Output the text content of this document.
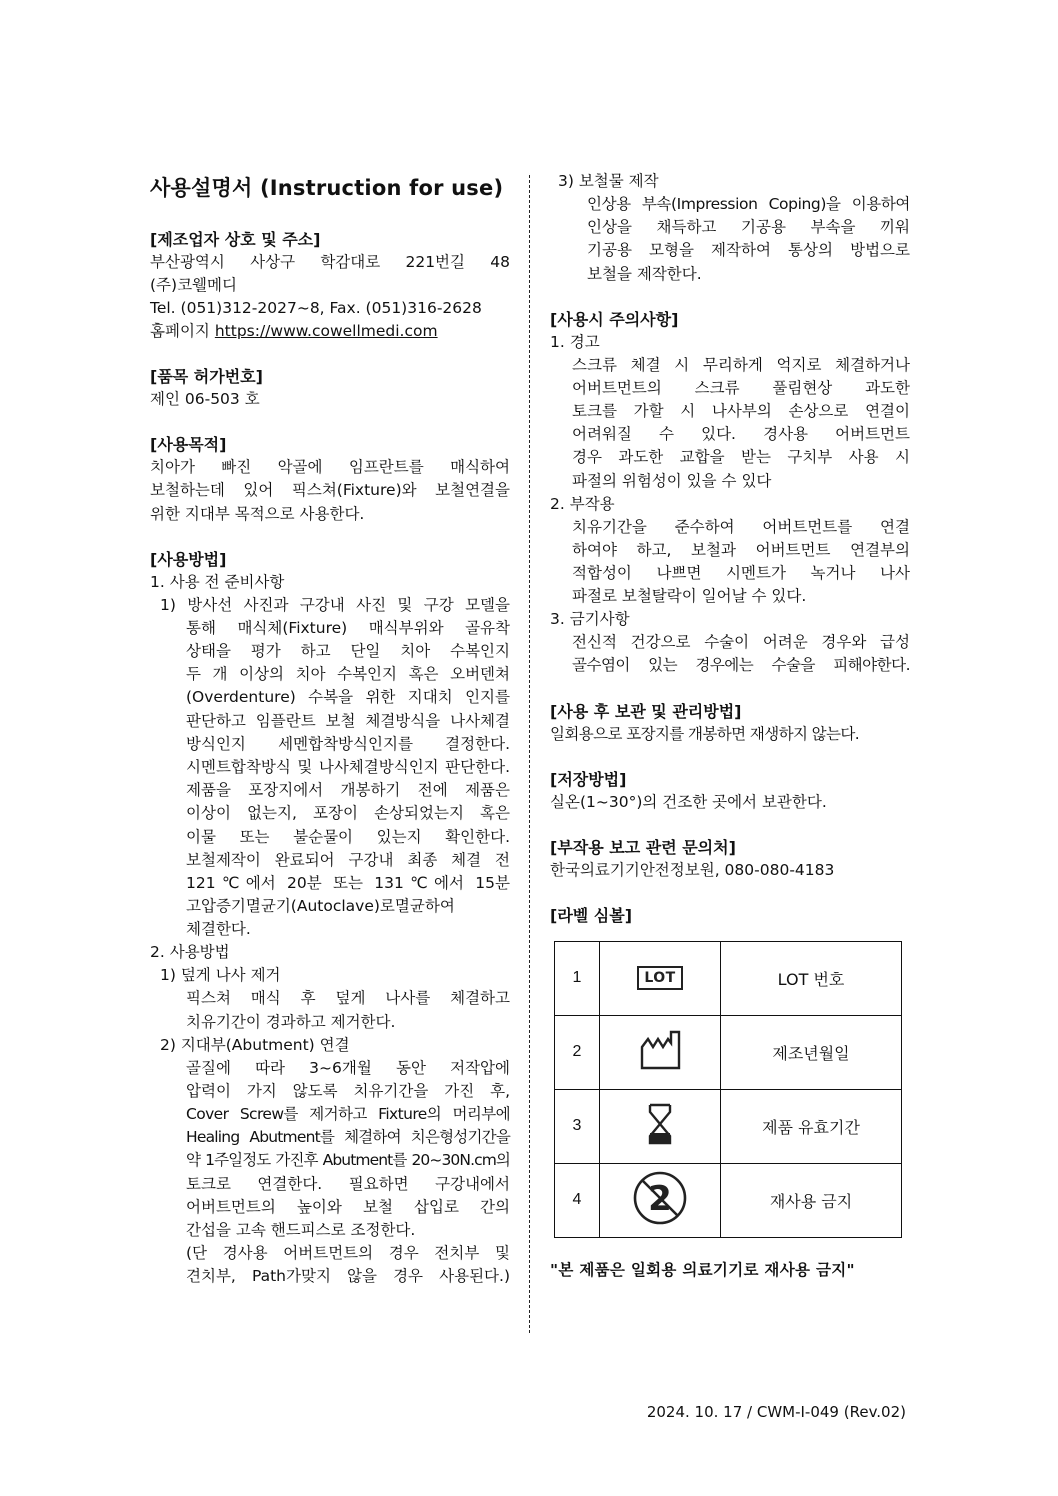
사용설명서 (Instruction for use)
[제조업자 상호 및 주소]
부산광역시 사상구 학감대로 221번길 48
(주)코웰메디
Tel. (051)312-2027~8, Fax. (051)316-2628
홈페이지 https://www.cowellmedi.com
[품목 허가번호]
제인 06-503 호
[사용목적]
치아가 빠진 악골에 임프란트를 매식하여
보철하는데 있어 픽스쳐(Fixture)와 보철연결을
위한 지대부 목적으로 사용한다.
[사용방법]
1. 사용 전 준비사항
1) 방사선 사진과 구강내 사진 및 구강 모델을
통해 매식체(Fixture) 매식부위와 골유착
상태을 평가 하고 단일 치아 수복인지
두 개 이상의 치아 수복인지 혹은 오버덴쳐
(Overdenture) 수복을 위한 지대치 인지를
판단하고 임플란트 보철 체결방식을 나사체결
방식인지 세멘합착방식인지를 결정한다.
시멘트합착방식 및 나사체결방식인지 판단한다.
제품을 포장지에서 개봉하기 전에 제품은
이상이 없는지, 포장이 손상되었는지 혹은
이물 또는 불순물이 있는지 확인한다.
보철제작이 완료되어 구강내 최종 체결 전
121℃에서 20분 또는 131℃에서 15분
고압증기멸균기(Autoclave)로멸균하여
체결한다.
2. 사용방법
1) 덮게 나사 제거
픽스쳐 매식 후 덮게 나사를 체결하고
치유기간이 경과하고 제거한다.
2) 지대부(Abutment) 연결
골질에 따라 3~6개월 동안 저작압에
압력이 가지 않도록 치유기간을 가진 후,
Cover Screw를 제거하고 Fixture의 머리부에
Healing Abutment를 체결하여 치은형성기간을
약 1주일정도 가진후 Abutment를 20~30N.cm의
토크로 연결한다. 필요하면 구강내에서
어버트먼트의 높이와 보철 삽입로 간의
간섭을 고속 핸드피스로 조정한다.
(단 경사용 어버트먼트의 경우 전치부 및
견치부, Path가맞지 않을 경우 사용된다.)
3) 보철물 제작
인상용 부속(Impression Coping)을 이용하여
인상을 채득하고 기공용 부속을 끼워
기공용 모형을 제작하여 통상의 방법으로
보철을 제작한다.
[사용시 주의사항]
1. 경고
스크류 체결 시 무리하게 억지로 체결하거나
어버트먼트의 스크류 풀림현상 과도한
토크를 가할 시 나사부의 손상으로 연결이
어려워질 수 있다. 경사용 어버트먼트
경우 과도한 교합을 받는 구치부 사용 시
파절의 위험성이 있을 수 있다
2. 부작용
치유기간을 준수하여 어버트먼트를 연결
하여야 하고, 보철과 어버트먼트 연결부의
적합성이 나쁘면 시멘트가 녹거나 나사
파절로 보철탈락이 일어날 수 있다.
3. 금기사항
전신적 건강으로 수술이 어려운 경우와 급성
골수염이 있는 경우에는 수술을 피해야한다.
[사용 후 보관 및 관리방법]
일회용으로 포장지를 개봉하면 재생하지 않는다.
[저장방법]
실온(1~30°)의 건조한 곳에서 보관한다.
[부작용 보고 관련 문의처]
한국의료기기안전정보원, 080-080-4183
[라벨 심볼]
1	LOT	LOT 번호
2		제조년월일
3		제품 유효기간
4	2	재사용 금지
"본 제품은 일회용 의료기기로 재사용 금지"
2024. 10. 17 / CWM-I-049 (Rev.02)
